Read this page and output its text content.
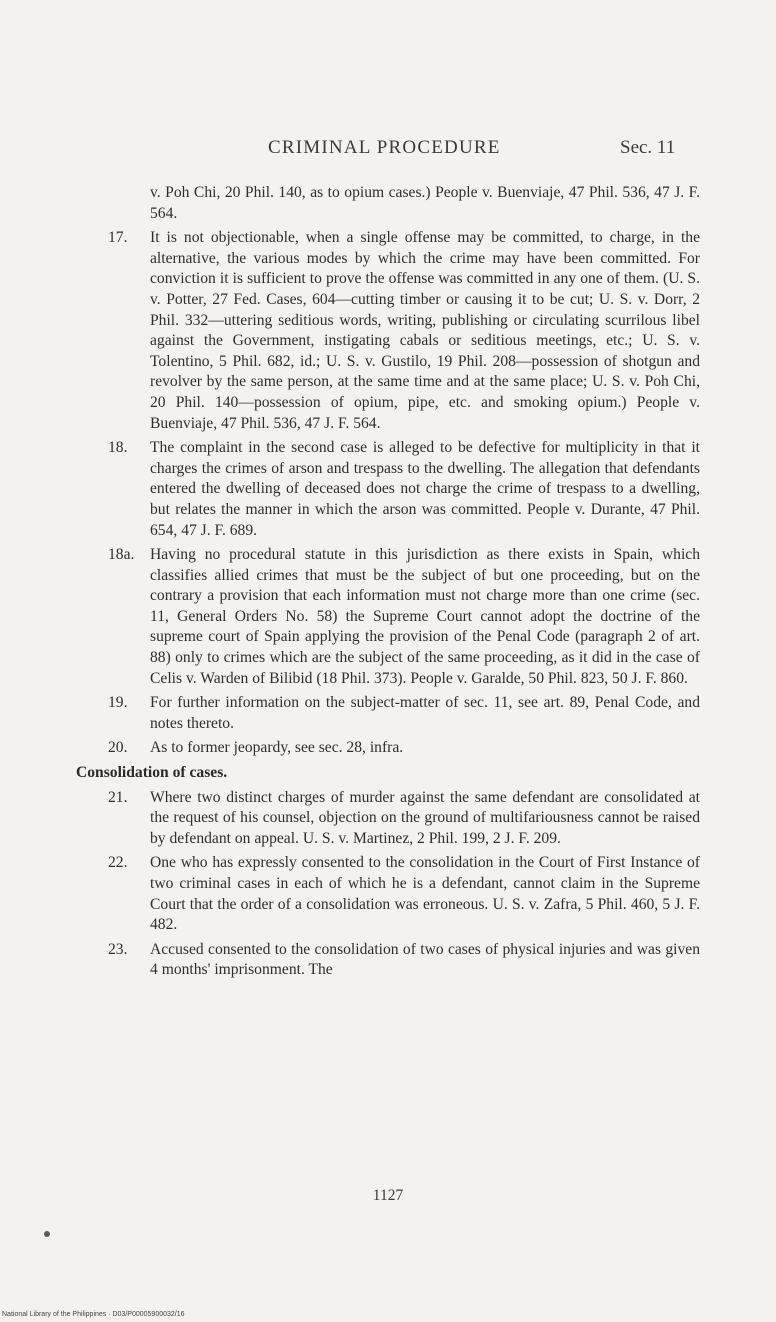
CRIMINAL PROCEDURE	Sec. 11
v. Poh Chi, 20 Phil. 140, as to opium cases.) People v. Buenviaje, 47 Phil. 536, 47 J. F. 564.
17.	It is not objectionable, when a single offense may be committed, to charge, in the alternative, the various modes by which the crime may have been committed. For conviction it is sufficient to prove the offense was committed in any one of them. (U. S. v. Potter, 27 Fed. Cases, 604—cutting timber or causing it to be cut; U. S. v. Dorr, 2 Phil. 332—uttering seditious words, writing, publishing or circulating scurrilous libel against the Government, instigating cabals or seditious meetings, etc.; U. S. v. Tolentino, 5 Phil. 682, id.; U. S. v. Gustilo, 19 Phil. 208—possession of shotgun and revolver by the same person, at the same time and at the same place; U. S. v. Poh Chi, 20 Phil. 140—possession of opium, pipe, etc. and smoking opium.) People v. Buenviaje, 47 Phil. 536, 47 J. F. 564.
18.	The complaint in the second case is alleged to be defective for multiplicity in that it charges the crimes of arson and trespass to the dwelling. The allegation that defendants entered the dwelling of deceased does not charge the crime of trespass to a dwelling, but relates the manner in which the arson was committed. People v. Durante, 47 Phil. 654, 47 J. F. 689.
18a. Having no procedural statute in this jurisdiction as there exists in Spain, which classifies allied crimes that must be the subject of but one proceeding, but on the contrary a provision that each information must not charge more than one crime (sec. 11, General Orders No. 58) the Supreme Court cannot adopt the doctrine of the supreme court of Spain applying the provision of the Penal Code (paragraph 2 of art. 88) only to crimes which are the subject of the same proceeding, as it did in the case of Celis v. Warden of Bilibid (18 Phil. 373). People v. Garalde, 50 Phil. 823, 50 J. F. 860.
19.	For further information on the subject-matter of sec. 11, see art. 89, Penal Code, and notes thereto.
20.	As to former jeopardy, see sec. 28, infra.
Consolidation of cases.
21.	Where two distinct charges of murder against the same defendant are consolidated at the request of his counsel, objection on the ground of multifariousness cannot be raised by defendant on appeal. U. S. v. Martinez, 2 Phil. 199, 2 J. F. 209.
22.	One who has expressly consented to the consolidation in the Court of First Instance of two criminal cases in each of which he is a defendant, cannot claim in the Supreme Court that the order of a consolidation was erroneous. U. S. v. Zafra, 5 Phil. 460, 5 J. F. 482.
23.	Accused consented to the consolidation of two cases of physical injuries and was given 4 months' imprisonment. The
1127
National Library of the Philippines · D03/P00005900032/16
